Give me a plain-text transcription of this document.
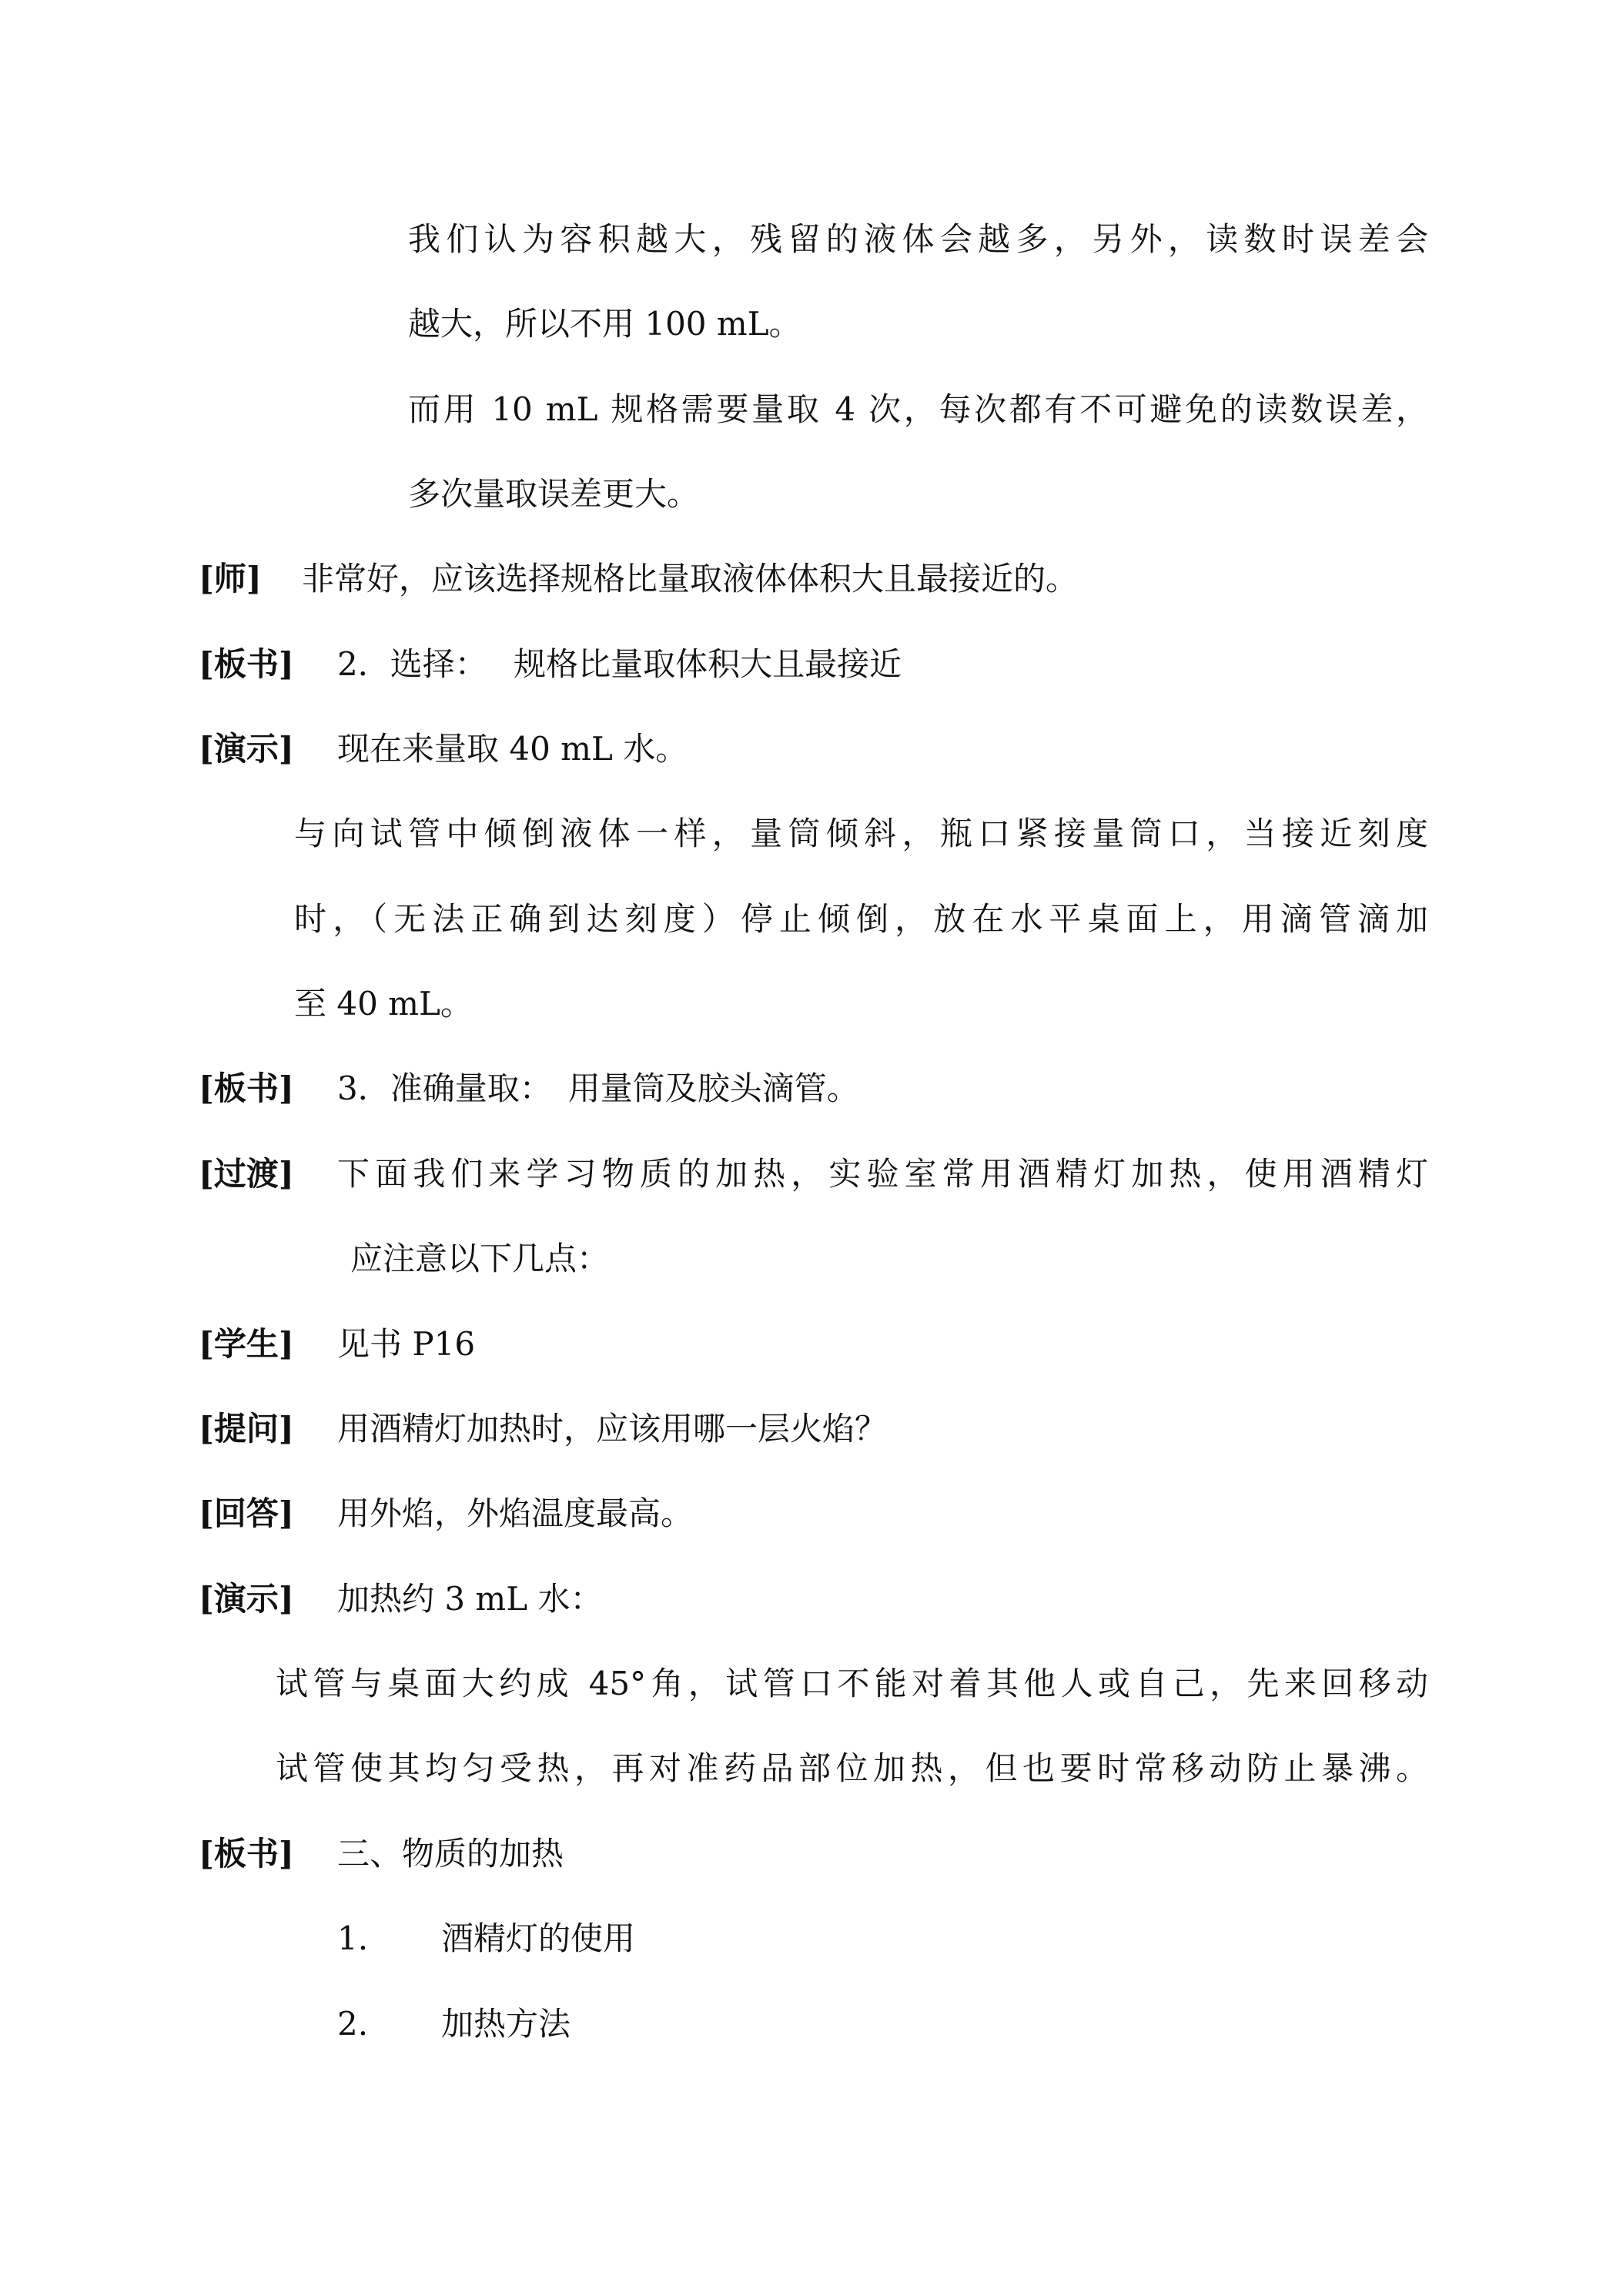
我们认为容积越大，残留的液体会越多，另外，读数时误差会
越大，所以不用 100 mL。
而用 10 mL 规格需要量取 4 次，每次都有不可避免的读数误差，
多次量取误差更大。
[师] 非常好，应该选择规格比量取液体体积大且最接近的。
[板书] 2．选择：　 规格比量取体积大且最接近
[演示] 现在来量取 40 mL 水。
与向试管中倾倒液体一样，量筒倾斜，瓶口紧接量筒口，当接近刻度
时，（无法正确到达刻度）停止倾倒，放在水平桌面上，用滴管滴加
至 40 mL。
[板书] 3．准确量取：　用量筒及胶头滴管。
[过渡] 下面我们来学习物质的加热，实验室常用酒精灯加热，使用酒精灯
应注意以下几点：
[学生] 见书 P16
[提问] 用酒精灯加热时，应该用哪一层火焰？
[回答] 用外焰，外焰温度最高。
[演示] 加热约 3 mL 水：
试管与桌面大约成 45°角，试管口不能对着其他人或自己，先来回移动
试管使其均匀受热，再对准药品部位加热，但也要时常移动防止暴沸。
[板书] 三、物质的加热
1. 酒精灯的使用
2. 加热方法
